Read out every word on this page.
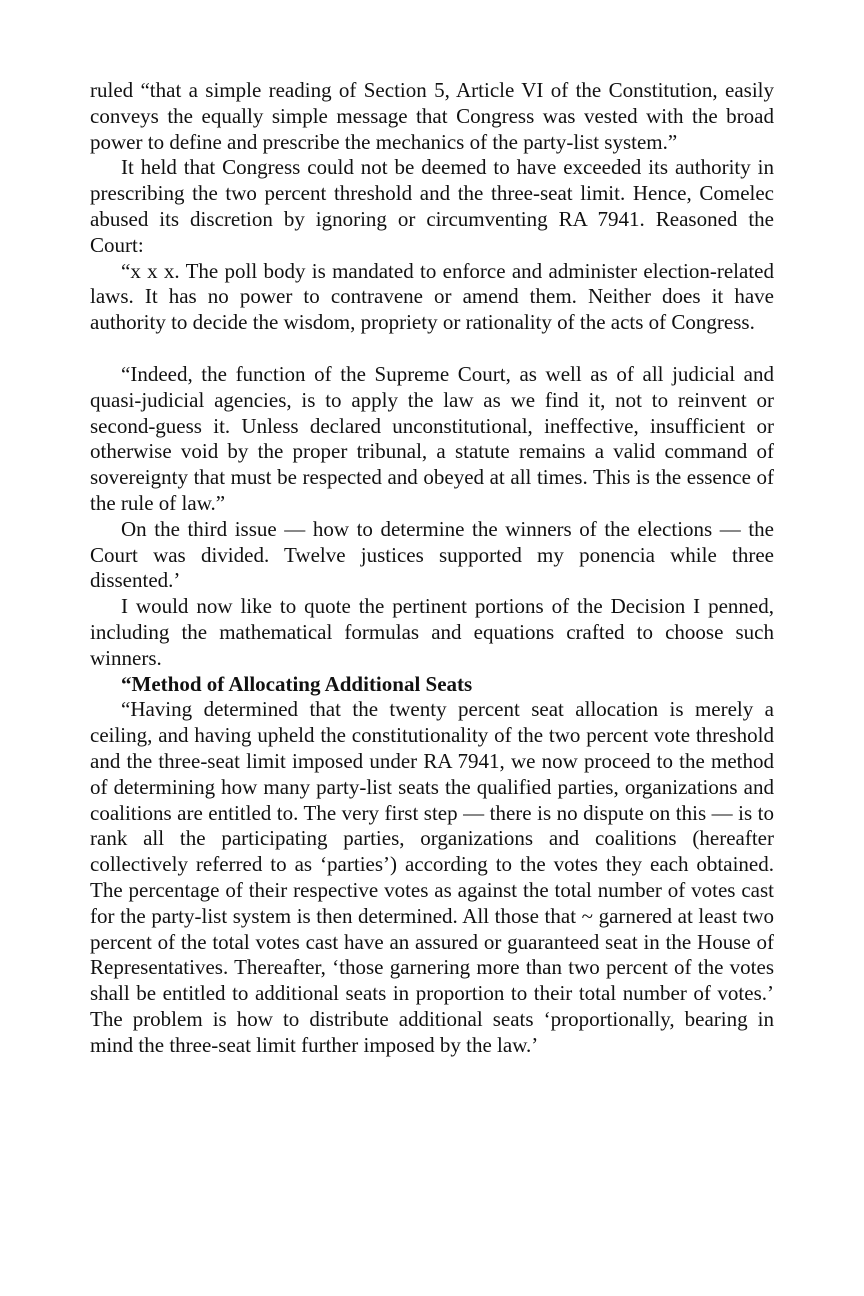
ruled “that a simple reading of Section 5, Article VI of the Constitution, easily conveys the equally simple message that Congress was vested with the broad power to define and prescribe the mechanics of the party-list system.”

It held that Congress could not be deemed to have exceeded its authority in prescribing the two percent threshold and the three-seat limit. Hence, Comelec abused its discretion by ignoring or circumventing RA 7941. Reasoned the Court:

“x x x. The poll body is mandated to enforce and administer election-related laws. It has no power to contravene or amend them. Neither does it have authority to decide the wisdom, propriety or rationality of the acts of Congress.

“Indeed, the function of the Supreme Court, as well as of all judicial and quasi-judicial agencies, is to apply the law as we find it, not to reinvent or second-guess it. Unless declared unconstitutional, ineffective, insufficient or otherwise void by the proper tribunal, a statute remains a valid command of sovereignty that must be respected and obeyed at all times. This is the essence of the rule of law.”

On the third issue — how to determine the winners of the elections — the Court was divided. Twelve justices supported my ponencia while three dissented.’

I would now like to quote the pertinent portions of the Decision I penned, including the mathematical formulas and equations crafted to choose such winners.

“Method of Allocating Additional Seats

“Having determined that the twenty percent seat allocation is merely a ceiling, and having upheld the constitutionality of the two percent vote threshold and the three-seat limit imposed under RA 7941, we now proceed to the method of determining how many party-list seats the qualified parties, organizations and coalitions are entitled to. The very first step — there is no dispute on this — is to rank all the participating parties, organizations and coalitions (hereafter collectively referred to as ‘parties’) according to the votes they each obtained. The percentage of their respective votes as against the total number of votes cast for the party-list system is then determined. All those that ~ garnered at least two percent of the total votes cast have an assured or guaranteed seat in the House of Representatives. Thereafter, ‘those garnering more than two percent of the votes shall be entitled to additional seats in proportion to their total number of votes.’ The problem is how to distribute additional seats ‘proportionally, bearing in mind the three-seat limit further imposed by the law.’
